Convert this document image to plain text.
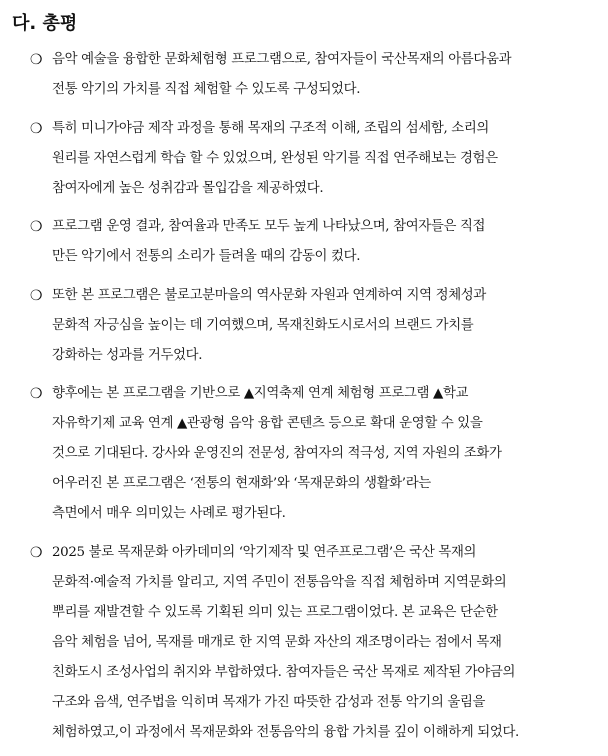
다. 총평
❍ 음악 예술을 융합한 문화체험형 프로그램으로, 참여자들이 국산목재의 아름다움과
전통 악기의 가치를 직접 체험할 수 있도록 구성되었다.
❍ 특히 미니가야금 제작 과정을 통해 목재의 구조적 이해, 조립의 섬세함, 소리의
원리를 자연스럽게 학습 할 수 있었으며, 완성된 악기를 직접 연주해보는 경험은
참여자에게 높은 성취감과 몰입감을 제공하였다.
❍ 프로그램 운영 결과, 참여율과 만족도 모두 높게 나타났으며, 참여자들은 직접
만든 악기에서 전통의 소리가 들려올 때의 감동이 컸다.
❍ 또한 본 프로그램은 불로고분마을의 역사문화 자원과 연계하여 지역 정체성과
문화적 자긍심을 높이는 데 기여했으며, 목재친화도시로서의 브랜드 가치를
강화하는 성과를 거두었다.
❍ 향후에는 본 프로그램을 기반으로 ▲지역축제 연계 체험형 프로그램 ▲학교
자유학기제 교육 연계 ▲관광형 음악 융합 콘텐츠 등으로 확대 운영할 수 있을
것으로 기대된다. 강사와 운영진의 전문성, 참여자의 적극성, 지역 자원의 조화가
어우러진 본 프로그램은 ‘전통의 현재화’와 ‘목재문화의 생활화’라는
측면에서 매우 의미있는 사례로 평가된다.
❍ 2025 불로 목재문화 아카데미의 ‘악기제작 및 연주프로그램’은 국산 목재의
문화적·예술적 가치를 알리고, 지역 주민이 전통음악을 직접 체험하며 지역문화의
뿌리를 재발견할 수 있도록 기획된 의미 있는 프로그램이었다. 본 교육은 단순한
음악 체험을 넘어, 목재를 매개로 한 지역 문화 자산의 재조명이라는 점에서 목재
친화도시 조성사업의 취지와 부합하였다. 참여자들은 국산 목재로 제작된 가야금의
구조와 음색, 연주법을 익히며 목재가 가진 따뜻한 감성과 전통 악기의 울림을
체험하였고,이 과정에서 목재문화와 전통음악의 융합 가치를 깊이 이해하게 되었다.
